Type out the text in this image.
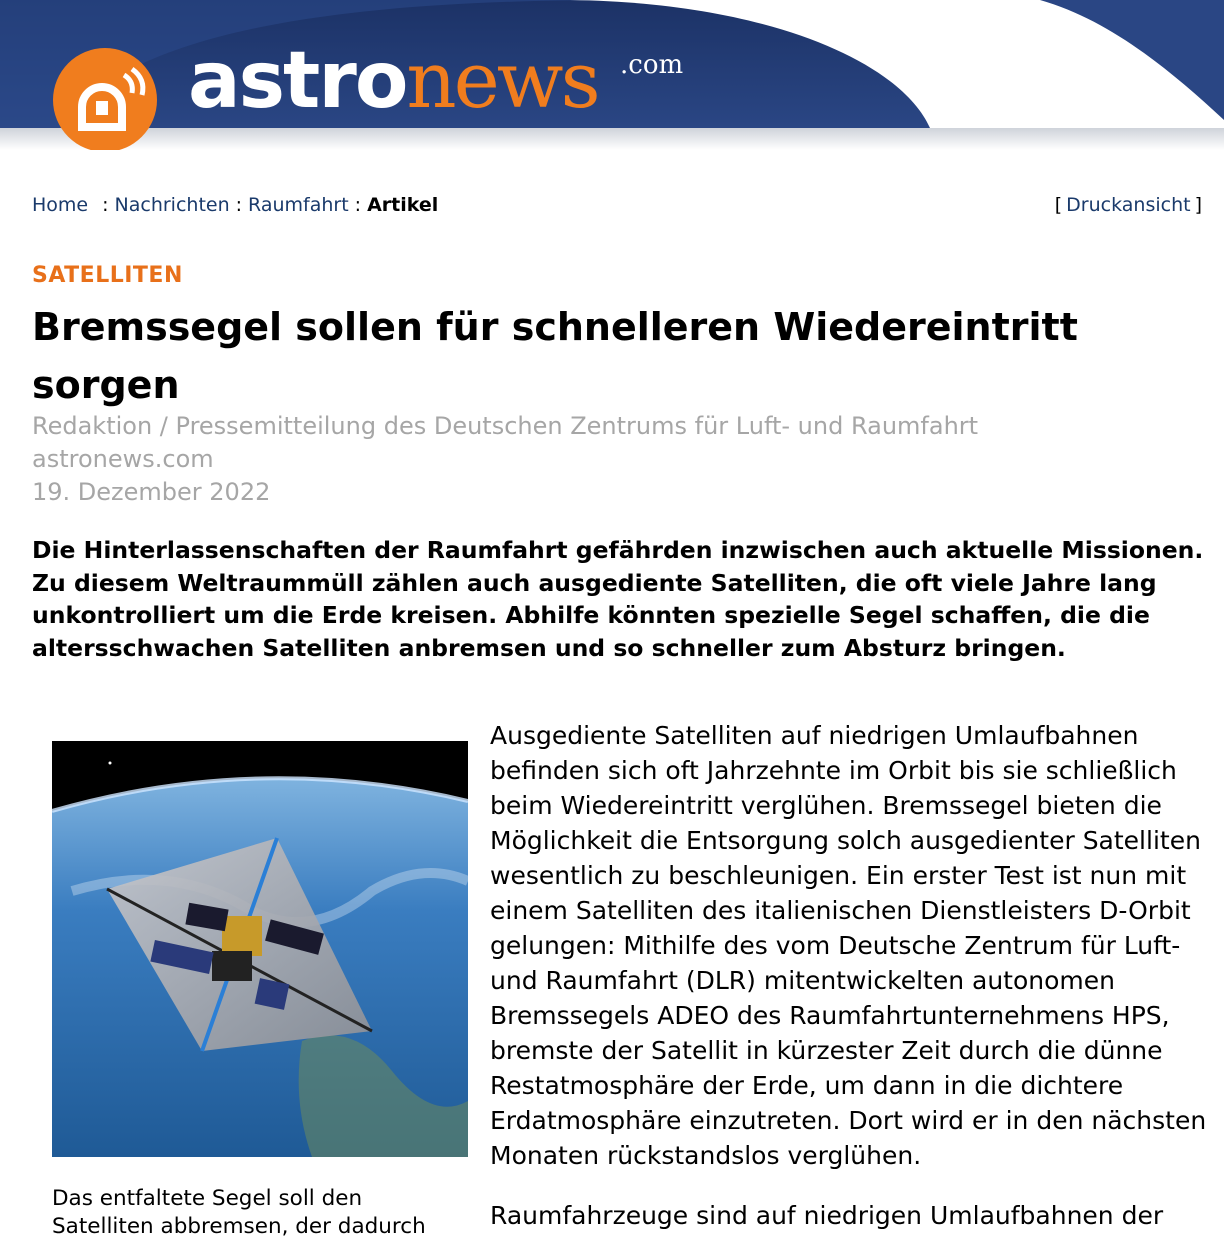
astronews .com
Home : Nachrichten : Raumfahrt : Artikel	[ Druckansicht ]
SATELLITEN
Bremssegel sollen für schnelleren Wiedereintritt sorgen
Redaktion / Pressemitteilung des Deutschen Zentrums für Luft- und Raumfahrt
astronews.com
19. Dezember 2022

Die Hinterlassenschaften der Raumfahrt gefährden inzwischen auch aktuelle Missionen. Zu diesem Weltraummüll zählen auch ausgediente Satelliten, die oft viele Jahre lang unkontrolliert um die Erde kreisen. Abhilfe könnten spezielle Segel schaffen, die die altersschwachen Satelliten anbremsen und so schneller zum Absturz bringen.

Das entfaltete Segel soll den Satelliten abbremsen, der dadurch

Ausgediente Satelliten auf niedrigen Umlaufbahnen befinden sich oft Jahrzehnte im Orbit bis sie schließlich beim Wiedereintritt verglühen. Bremssegel bieten die Möglichkeit die Entsorgung solch ausgedienter Satelliten wesentlich zu beschleunigen. Ein erster Test ist nun mit einem Satelliten des italienischen Dienstleisters D-Orbit gelungen: Mithilfe des vom Deutsche Zentrum für Luft- und Raumfahrt (DLR) mitentwickelten autonomen Bremssegels ADEO des Raumfahrtunternehmens HPS, bremste der Satellit in kürzester Zeit durch die dünne Restatmosphäre der Erde, um dann in die dichtere Erdatmosphäre einzutreten. Dort wird er in den nächsten Monaten rückstandslos verglühen.

Raumfahrzeuge sind auf niedrigen Umlaufbahnen der
